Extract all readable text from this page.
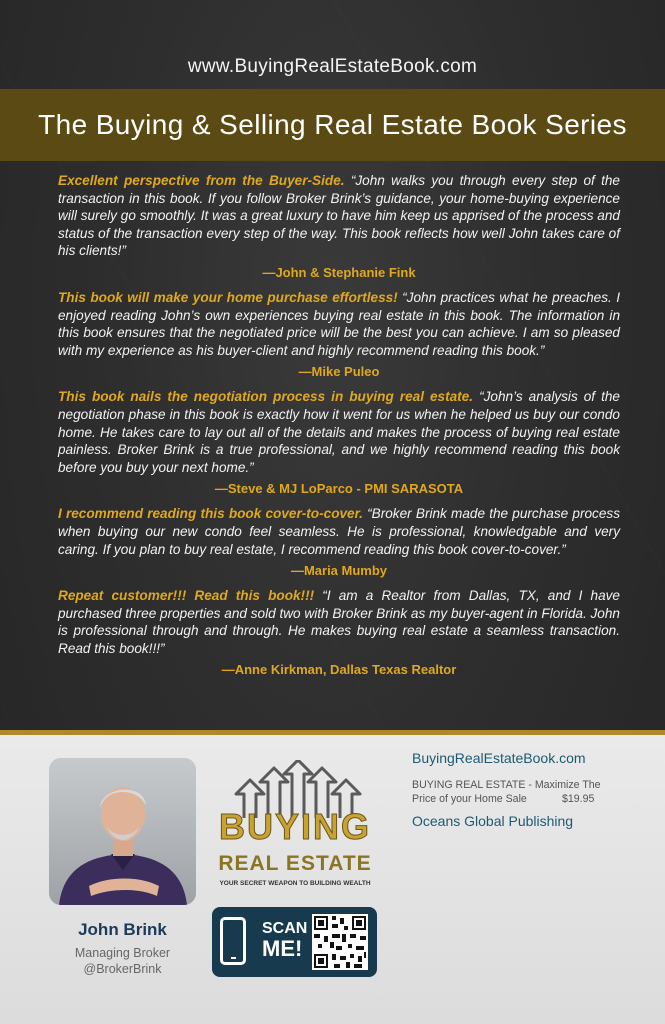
www.BuyingRealEstateBook.com
The Buying & Selling Real Estate Book Series

Excellent perspective from the Buyer-Side. “John walks you through every step of the transaction in this book. If you follow Broker Brink’s guidance, your home-buying experience will surely go smoothly. It was a great luxury to have him keep us apprised of the process and status of the transaction every step of the way. This book reflects how well John takes care of his clients!”

—John & Stephanie Fink

This book will make your home purchase effortless! “John practices what he preaches. I enjoyed reading John’s own experiences buying real estate in this book. The information in this book ensures that the negotiated price will be the best you can achieve. I am so pleased with my experience as his buyer-client and highly recommend reading this book.”

—Mike Puleo

This book nails the negotiation process in buying real estate. “John’s analysis of the negotiation phase in this book is exactly how it went for us when he helped us buy our condo home. He takes care to lay out all of the details and makes the process of buying real estate painless. Broker Brink is a true professional, and we highly recommend reading this book before you buy your next home.”

—Steve & MJ LoParco - PMI SARASOTA

I recommend reading this book cover-to-cover. “Broker Brink made the purchase process when buying our new condo feel seamless. He is professional, knowledgable and very caring. If you plan to buy real estate, I recommend reading this book cover-to-cover.”

—Maria Mumby

Repeat customer!!! Read this book!!! “I am a Realtor from Dallas, TX, and I have purchased three properties and sold two with Broker Brink as my buyer-agent in Florida. John is professional through and through. He makes buying real estate a seamless transaction. Read this book!!!”

—Anne Kirkman, Dallas Texas Realtor
John Brink
Managing Broker
@BrokerBrink
BUYING
REAL ESTATE
YOUR SECRET WEAPON TO BUILDING WEALTH
SCAN
ME!
BuyingRealEstateBook.com
BUYING REAL ESTATE - Maximize The
Price of your Home Sale	$19.95
Oceans Global Publishing
